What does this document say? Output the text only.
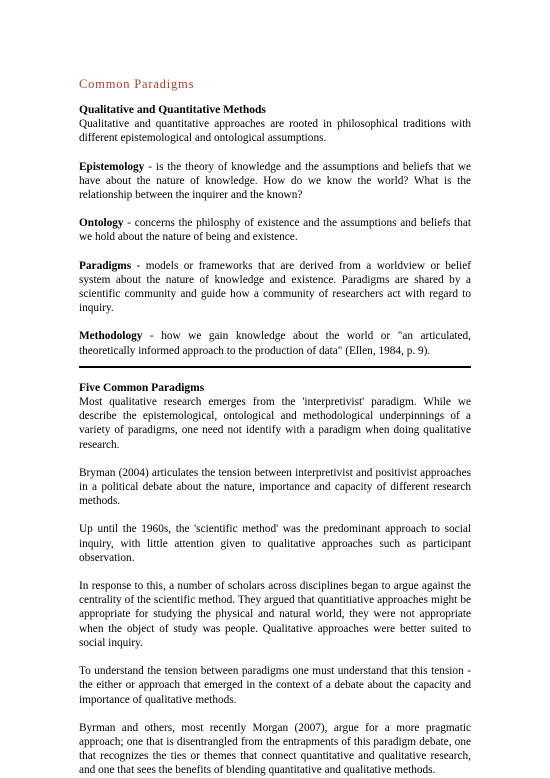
Common Paradigms
Qualitative and Quantitative Methods

Qualitative and quantitative approaches are rooted in philosophical traditions with different epistemological and ontological assumptions.

Epistemology - is the theory of knowledge and the assumptions and beliefs that we have about the nature of knowledge. How do we know the world? What is the relationship between the inquirer and the known?

Ontology - concerns the philosphy of existence and the assumptions and beliefs that we hold about the nature of being and existence.

Paradigms - models or frameworks that are derived from a worldview or belief system about the nature of knowledge and existence. Paradigms are shared by a scientific community and guide how a community of researchers act with regard to inquiry.

Methodology - how we gain knowledge about the world or "an articulated, theoretically informed approach to the production of data" (Ellen, 1984, p. 9).

Five Common Paradigms

Most qualitative research emerges from the 'interpretivist' paradigm. While we describe the epistemological, ontological and methodological underpinnings of a variety of paradigms, one need not identify with a paradigm when doing qualitative research.

Bryman (2004) articulates the tension between interpretivist and positivist approaches in a political debate about the nature, importance and capacity of different research methods.

Up until the 1960s, the 'scientific method' was the predominant approach to social inquiry, with little attention given to qualitative approaches such as participant observation.

In response to this, a number of scholars across disciplines began to argue against the centrality of the scientific method. They argued that quantitiative approaches might be appropriate for studying the physical and natural world, they were not appropriate when the object of study was people. Qualitative approaches were better suited to social inquiry.

To understand the tension between paradigms one must understand that this tension - the either or approach that emerged in the context of a debate about the capacity and importance of qualitative methods.

Byrman and others, most recently Morgan (2007), argue for a more pragmatic approach; one that is disentrangled from the entrapments of this paradigm debate, one that recognizes the ties or themes that connect quantitative and qualitative research, and one that sees the benefits of blending quantitative and qualitative methods.
